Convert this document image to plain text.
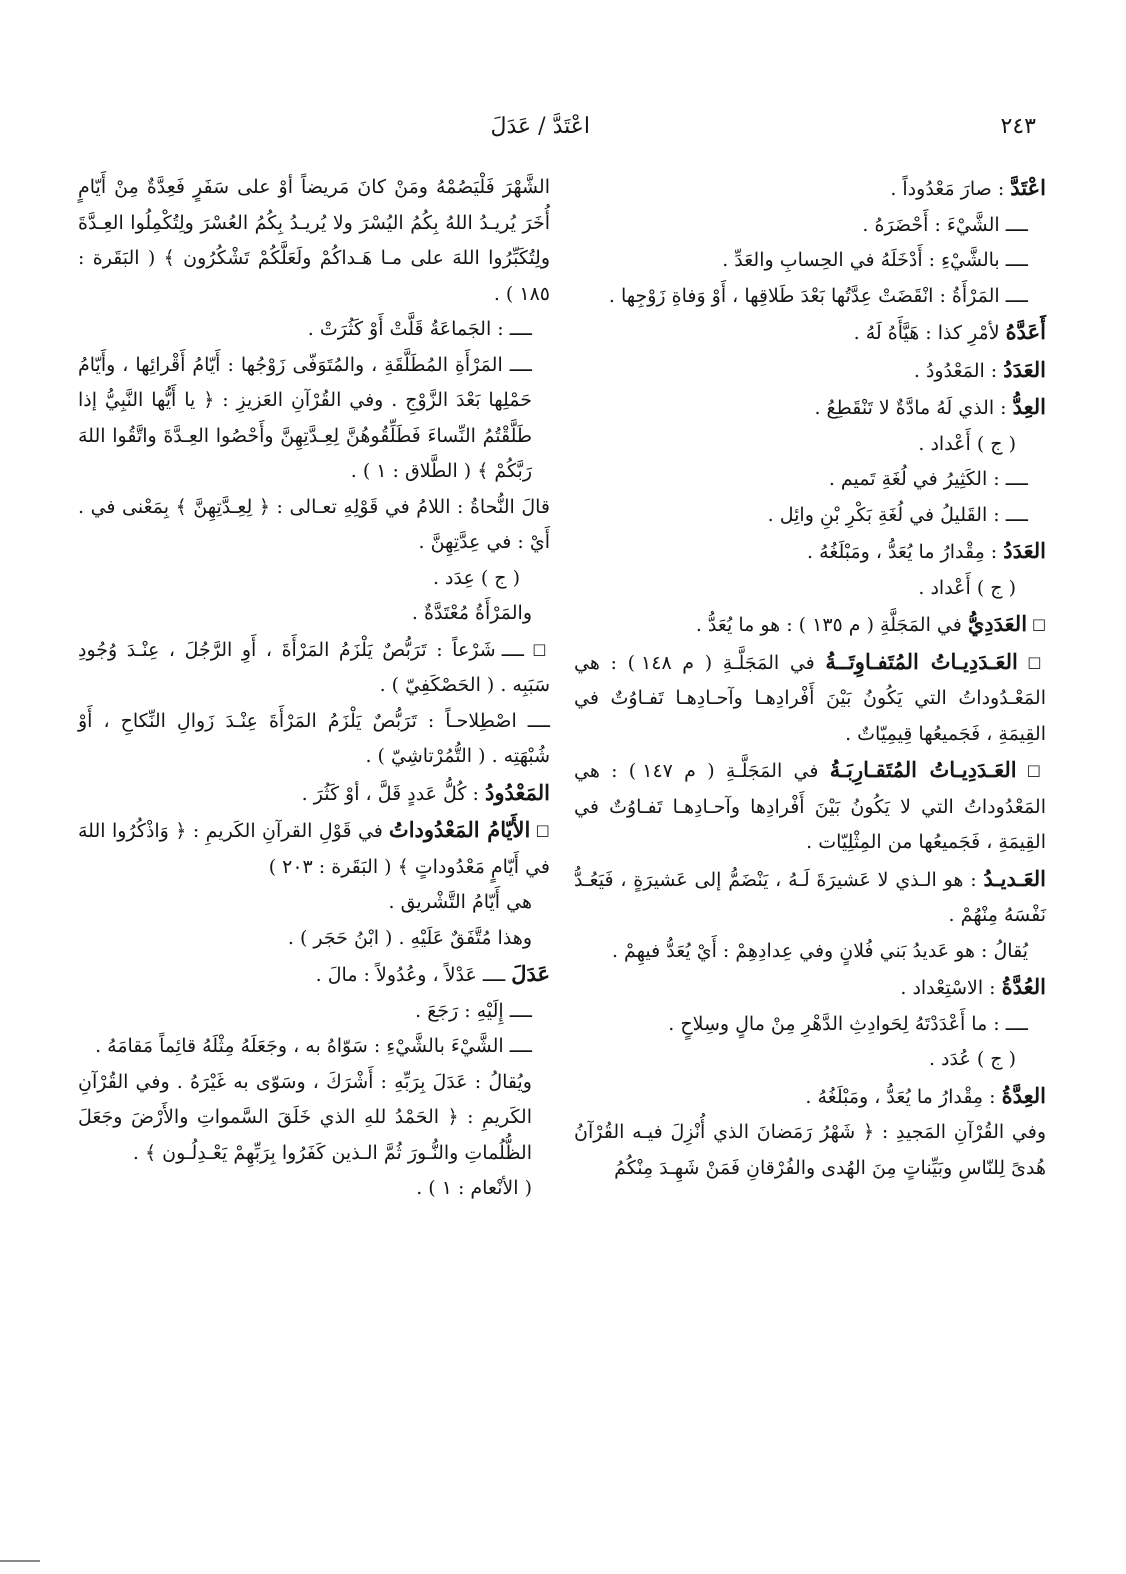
٢٤٣
اعْتَدَّ / عَدَلَ

اعْتَدَّ : صارَ مَعْدُوداً .

ــــ الشَّيْءَ : أَحْضَرَهُ .

ــــ بالشَّيْءِ : أَدْخَلَهُ في الحِسابِ والعَدِّ .

ــــ المَرْأَةُ : انْقَضَتْ عِدَّتُها بَعْدَ طَلاقِها ، أَوْ وَفاةِ زَوْجِها .

أَعَدَّهُ لأمْرِ كذا : هَيَّأَهُ لَهُ .

العَدَدُ : المَعْدُودُ .

العِدُّ : الذي لَهُ مادَّةٌ لا تَنْقَطِعُ .

( ج ) أَعْداد .

ــــ : الكَثِيرُ في لُغَةِ تَميم .

ــــ : القَليلُ في لُغَةِ بَكْرِ بْنِ وائِل .

العَدَدُ : مِقْدارُ ما يُعَدُّ ، ومَبْلَغُهُ .

( ج ) أَعْداد .

□ العَدَدِيُّ في المَجَلَّةِ ( م ١٣٥ ) : هو ما يُعَدُّ .

□ العَـدَدِيـاتُ المُتَفـاوِتَــةُ في المَجَلَّـةِ ( م ١٤٨ ) : هي المَعْـدُوداتُ التي يَكُونُ بَيْنَ أَفْرادِهـا وآحـادِهـا تَفـاوُتٌ في القِيمَةِ ، فَجَميعُها قِيمِيّاتٌ .

□ العَـدَدِيـاتُ المُتَقـارِبَـةُ في المَجَلَّـةِ ( م ١٤٧ ) : هي المَعْدُوداتُ التي لا يَكُونُ بَيْنَ أَفْرادِها وآحـادِهـا تَفـاوُتٌ في القِيمَةِ ، فَجَميعُها من المِثْلِيّات .

العَـديـدُ : هو الـذي لا عَشيرَةَ لَـهُ ، يَنْضَمُّ إلى عَشيرَةٍ ، فَيَعُـدُّ نَفْسَهُ مِنْهُمْ .

يُقالُ : هو عَديدُ بَني فُلانٍ وفي عِدادِهِمْ : أَيْ يُعَدُّ فيهِمْ .

العُدَّةُ : الاسْتِعْداد .

ــــ : ما أَعْدَدْتَهُ لِحَوادِثِ الدَّهْرِ مِنْ مالٍ وسِلاحٍ .

( ج ) عُدَد .

العِدَّةُ : مِقْدارُ ما يُعَدُّ ، ومَبْلَغُهُ .

وفي القُرْآنِ المَجيدِ : ﴿ شَهْرُ رَمَضانَ الذي أُنْزِلَ فيـه القُرْآنُ هُدىً لِلنّاسِ وبَيِّناتٍ مِنَ الهُدى والفُرْقانِ فَمَنْ شَهِـدَ مِنْكُمُ

الشَّهْرَ فَلْيَصُمْهُ ومَنْ كانَ مَريضاً أوْ على سَفَرٍ فَعِدَّةٌ مِنْ أَيّامٍ أُخَرَ يُريـدُ اللهُ بِكُمُ اليُسْرَ ولا يُريـدُ بِكُمُ العُسْرَ ولِتُكْمِلُوا العِـدَّةَ ولِتُكَبِّرُوا اللهَ على مـا هَـداكُمْ ولَعَلَّكُمْ تَشْكُرُون ﴾ ( البَقَرة : ١٨٥ ) .

ــــ : الجَماعَةُ قَلَّتْ أَوْ كَثُرَتْ .

ــــ المَرْأَةِ المُطَلَّقَةِ ، والمُتَوَفّى زَوْجُها : أَيّامُ أَقْرائِها ، وأَيّامُ حَمْلِها بَعْدَ الزَّوْجِ . وفي القُرْآنِ العَزيزِ : ﴿ يا أَيُّها النَّبِيُّ إذا طَلَّقْتُمُ النِّساءَ فَطَلِّقُوهُنَّ لِعِـدَّتِهِنَّ وأَحْصُوا العِـدَّةَ واتَّقُوا اللهَ رَبَّكُمْ ﴾ ( الطَّلاق : ١ ) .

قالَ النُّحاةُ : اللامُ في قَوْلِهِ تعـالى : ﴿ لِعِـدَّتِهِنَّ ﴾ بِمَعْنى في . أَيْ : في عِدَّتِهِنَّ .

( ج ) عِدَد .

والمَرْأَةُ مُعْتَدَّةٌ .

□ ــــ شَرْعاً : تَرَبُّصٌ يَلْزَمُ المَرْأَةَ ، أَوِ الرَّجُلَ ، عِنْـدَ وُجُودِ سَبَبِه . ( الحَصْكَفِيّ ) .

ــــ اصْطِلاحـاً : تَرَبُّصٌ يَلْزَمُ المَرْأَةَ عِنْـدَ زَوالِ النِّكاحِ ، أَوْ شُبْهَتِه . ( التُّمُرْتاشِيّ ) .

المَعْدُودُ : كُلُّ عَددٍ قَلَّ ، أوْ كَثُرَ .

□ الأَيّامُ المَعْدُوداتُ في قَوْلِ القرآنِ الكَريمِ : ﴿ وَاذْكُرُوا اللهَ في أَيّامٍ مَعْدُوداتٍ ﴾ ( البَقَرة : ٢٠٣ )

هي أَيّامُ التَّشْريق .

وهذا مُتَّفَقٌ عَلَيْهِ . ( ابْنُ حَجَر ) .

عَدَلَ ــــ عَدْلاً ، وعُدُولاً : مالَ .

ــــ إِلَيْهِ : رَجَعَ .

ــــ الشَّيْءَ بالشَّيْءِ : سَوّاهُ به ، وجَعَلَهُ مِثْلَهُ قائِماً مَقامَهُ .

ويُقالُ : عَدَلَ بِرَبِّهِ : أَشْرَكَ ، وسَوّى به غَيْرَهُ . وفي القُرْآنِ الكَريمِ : ﴿ الحَمْدُ للهِ الذي خَلَقَ السَّمواتِ والأَرْضَ وجَعَلَ الظُّلُماتِ والنُّـورَ ثُمَّ الـذين كَفَرُوا بِرَبِّهِمْ يَعْـدِلُـون ﴾ .

( الأنْعام : ١ ) .
